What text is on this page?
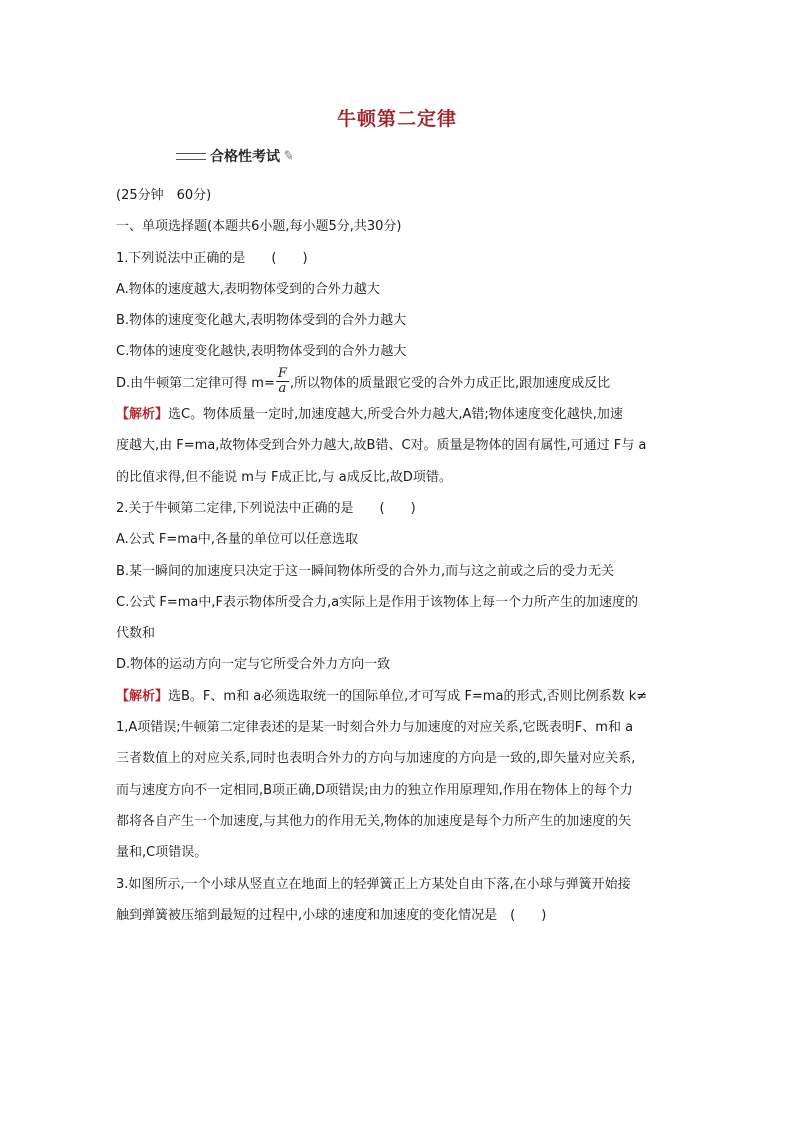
牛顿第二定律
合格性考试 ✎
(25分钟　60分)
一、单项选择题(本题共6小题,每小题5分,共30分)
1.下列说法中正确的是　　(　　)
A.物体的速度越大,表明物体受到的合外力越大
B.物体的速度变化越大,表明物体受到的合外力越大
C.物体的速度变化越快,表明物体受到的合外力越大
D.由牛顿第二定律可得 $m= \frac{F}{a}$ ,所以物体的质量跟它受的合外力成正比,跟加速度成反比
【解析】选C。物体质量一定时,加速度越大,所受合外力越大,A错;物体速度变化越快,加速
度越大,由 F=ma,故物体受到合外力越大,故B错、C对。质量是物体的固有属性,可通过 F与 a
的比值求得,但不能说 m与 F成正比,与 a成反比,故D项错。
2.关于牛顿第二定律,下列说法中正确的是　　(　　)
A.公式 F=ma中,各量的单位可以任意选取
B.某一瞬间的加速度只决定于这一瞬间物体所受的合外力,而与这之前或之后的受力无关
C.公式 F=ma中,F表示物体所受合力,a实际上是作用于该物体上每一个力所产生的加速度的
代数和
D.物体的运动方向一定与它所受合外力方向一致
【解析】选B。F、m和 a必须选取统一的国际单位,才可写成 F=ma的形式,否则比例系数 k≠
1,A项错误;牛顿第二定律表述的是某一时刻合外力与加速度的对应关系,它既表明F、m和 a
三者数值上的对应关系,同时也表明合外力的方向与加速度的方向是一致的,即矢量对应关系,
而与速度方向不一定相同,B项正确,D项错误;由力的独立作用原理知,作用在物体上的每个力
都将各自产生一个加速度,与其他力的作用无关,物体的加速度是每个力所产生的加速度的矢
量和,C项错误。
3.如图所示,一个小球从竖直立在地面上的轻弹簧正上方某处自由下落,在小球与弹簧开始接
触到弹簧被压缩到最短的过程中,小球的速度和加速度的变化情况是　(　　)
